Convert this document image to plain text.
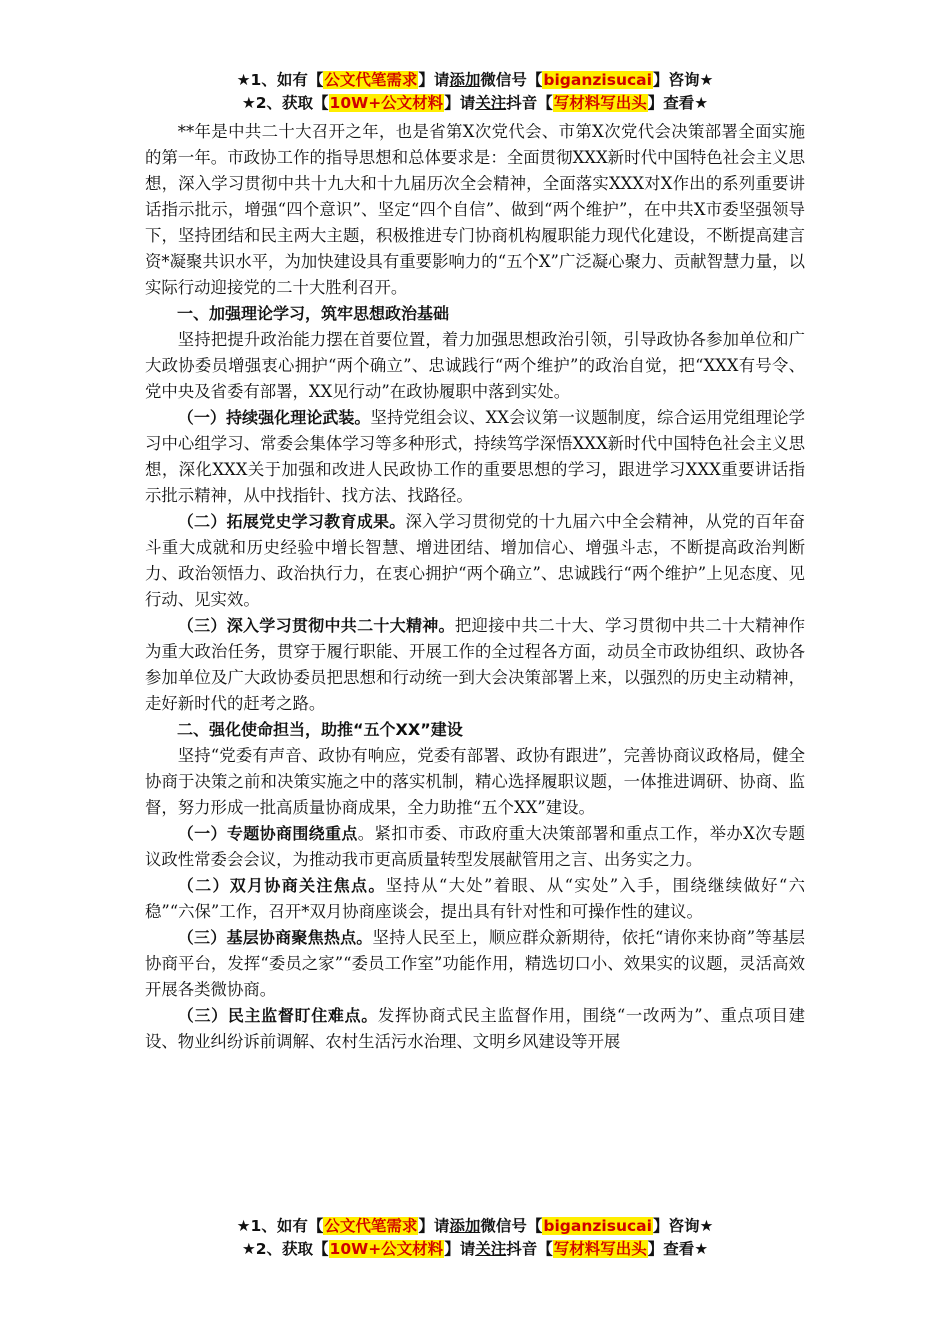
★1、如有【公文代笔需求】请添加微信号【biganzisucai】咨询★
★2、获取【10W+公文材料】请关注抖音【写材料写出头】查看★

**年是中共二十大召开之年，也是省第X次党代会、市第X次党代会决策部署全面实施的第一年。市政协工作的指导思想和总体要求是：全面贯彻XXX新时代中国特色社会主义思想，深入学习贯彻中共十九大和十九届历次全会精神，全面落实XXX对X作出的系列重要讲话指示批示，增强“四个意识”、坚定“四个自信”、做到“两个维护”，在中共X市委坚强领导下，坚持团结和民主两大主题，积极推进专门协商机构履职能力现代化建设，不断提高建言资*凝聚共识水平，为加快建设具有重要影响力的“五个X”广泛凝心聚力、贡献智慧力量，以实际行动迎接党的二十大胜利召开。

一、加强理论学习，筑牢思想政治基础

坚持把提升政治能力摆在首要位置，着力加强思想政治引领，引导政协各参加单位和广大政协委员增强衷心拥护“两个确立”、忠诚践行“两个维护”的政治自觉，把“XXX有号令、党中央及省委有部署，XX见行动”在政协履职中落到实处。

（一）持续强化理论武装。坚持党组会议、XX会议第一议题制度，综合运用党组理论学习中心组学习、常委会集体学习等多种形式，持续笃学深悟XXX新时代中国特色社会主义思想，深化XXX关于加强和改进人民政协工作的重要思想的学习，跟进学习XXX重要讲话指示批示精神，从中找指针、找方法、找路径。

（二）拓展党史学习教育成果。深入学习贯彻党的十九届六中全会精神，从党的百年奋斗重大成就和历史经验中增长智慧、增进团结、增加信心、增强斗志，不断提高政治判断力、政治领悟力、政治执行力，在衷心拥护“两个确立”、忠诚践行“两个维护”上见态度、见行动、见实效。

（三）深入学习贯彻中共二十大精神。把迎接中共二十大、学习贯彻中共二十大精神作为重大政治任务，贯穿于履行职能、开展工作的全过程各方面，动员全市政协组织、政协各参加单位及广大政协委员把思想和行动统一到大会决策部署上来，以强烈的历史主动精神，走好新时代的赶考之路。

二、强化使命担当，助推“五个XX”建设

坚持“党委有声音、政协有响应，党委有部署、政协有跟进”，完善协商议政格局，健全协商于决策之前和决策实施之中的落实机制，精心选择履职议题，一体推进调研、协商、监督，努力形成一批高质量协商成果，全力助推“五个XX”建设。

（一）专题协商围绕重点。紧扣市委、市政府重大决策部署和重点工作，举办X次专题议政性常委会会议，为推动我市更高质量转型发展献管用之言、出务实之力。

（二）双月协商关注焦点。坚持从“大处”着眼、从“实处”入手，围绕继续做好“六稳”“六保”工作，召开*双月协商座谈会，提出具有针对性和可操作性的建议。

（三）基层协商聚焦热点。坚持人民至上，顺应群众新期待，依托“请你来协商”等基层协商平台，发挥“委员之家”“委员工作室”功能作用，精选切口小、效果实的议题，灵活高效开展各类微协商。

（三）民主监督盯住难点。发挥协商式民主监督作用，围绕“一改两为”、重点项目建设、物业纠纷诉前调解、农村生活污水治理、文明乡风建设等开展

★1、如有【公文代笔需求】请添加微信号【biganzisucai】咨询★
★2、获取【10W+公文材料】请关注抖音【写材料写出头】查看★
